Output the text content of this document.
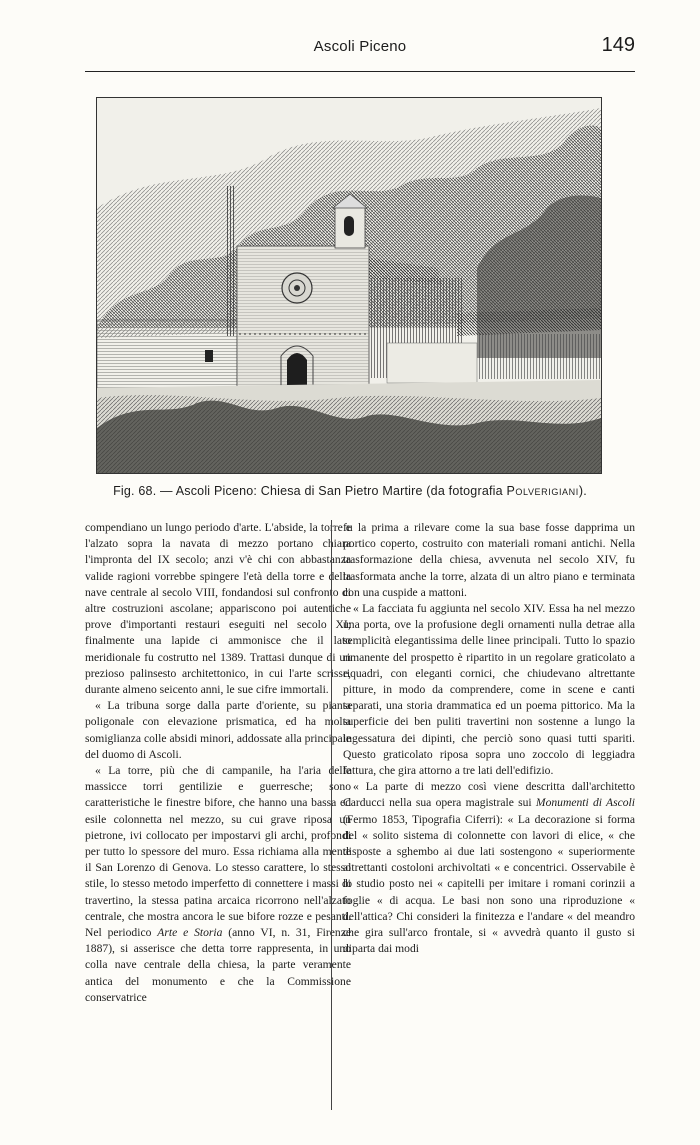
Ascoli Piceno	149
Fig. 68. — Ascoli Piceno: Chiesa di San Pietro Martire (da fotografia Polverigiani).

compendiano un lungo periodo d'arte. L'abside, la torre e l'alzato sopra la navata di mezzo portano chiara l'impronta del IX secolo; anzi v'è chi con abbastanza valide ragioni vorrebbe spingere l'età della torre e della nave centrale al secolo VIII, fondandosi sul confronto di altre costruzioni ascolane; appariscono poi autentiche prove d'importanti restauri eseguiti nel secolo XI; finalmente una lapide ci ammonisce che il lato meridionale fu costrutto nel 1389. Trattasi dunque di un prezioso palinsesto architettonico, in cui l'arte scrisse, durante almeno seicento anni, le sue cifre immortali.

« La tribuna sorge dalla parte d'oriente, su pianta poligonale con elevazione prismatica, ed ha molta somiglianza colle absidi minori, addossate alla principale del duomo di Ascoli.

« La torre, più che di campanile, ha l'aria delle massicce torri gentilizie e guerresche; sono caratteristiche le finestre bifore, che hanno una bassa ed esile colonnetta nel mezzo, su cui grave riposa un pietrone, ivi collocato per impostarvi gli archi, profondi per tutto lo spessore del muro. Essa richiama alla mente il San Lorenzo di Genova. Lo stesso carattere, lo stesso stile, lo stesso metodo imperfetto di connettere i massi di travertino, la stessa patina arcaica ricorrono nell'alzato centrale, che mostra ancora le sue bifore rozze e pesanti. Nel periodico Arte e Storia (anno VI, n. 31, Firenze 1887), si asserisce che detta torre rappresenta, in uno colla nave centrale della chiesa, la parte veramente antica del monumento e che la Commissione conservatrice

fu la prima a rilevare come la sua base fosse dapprima un portico coperto, costruito con materiali romani antichi. Nella trasformazione della chiesa, avvenuta nel secolo XIV, fu trasformata anche la torre, alzata di un altro piano e terminata con una cuspide a mattoni.

« La facciata fu aggiunta nel secolo XIV. Essa ha nel mezzo una porta, ove la profusione degli ornamenti nulla detrae alla semplicità elegantissima delle linee principali. Tutto lo spazio rimanente del prospetto è ripartito in un regolare graticolato a riquadri, con eleganti cornici, che chiudevano altrettante pitture, in modo da comprendere, come in scene e canti separati, una storia drammatica ed un poema pittorico. Ma la superficie dei ben puliti travertini non sostenne a lungo la ingessatura dei dipinti, che perciò sono quasi tutti spariti. Questo graticolato riposa sopra uno zoccolo di leggiadra fattura, che gira attorno a tre lati dell'edifizio.

« La parte di mezzo così viene descritta dall'architetto Carducci nella sua opera magistrale sui Monumenti di Ascoli (Fermo 1853, Tipografia Ciferri): « La decorazione si forma del « solito sistema di colonnette con lavori di elice, « che disposte a sghembo ai due lati sostengono « superiormente altrettanti costoloni archivoltati « e concentrici. Osservabile è lo studio posto nei « capitelli per imitare i romani corinzii a foglie « di acqua. Le basi non sono una riproduzione « dell'attica? Chi consideri la finitezza e l'andare « del meandro che gira sull'arco frontale, si « avvedrà quanto il gusto si diparta dai modi
